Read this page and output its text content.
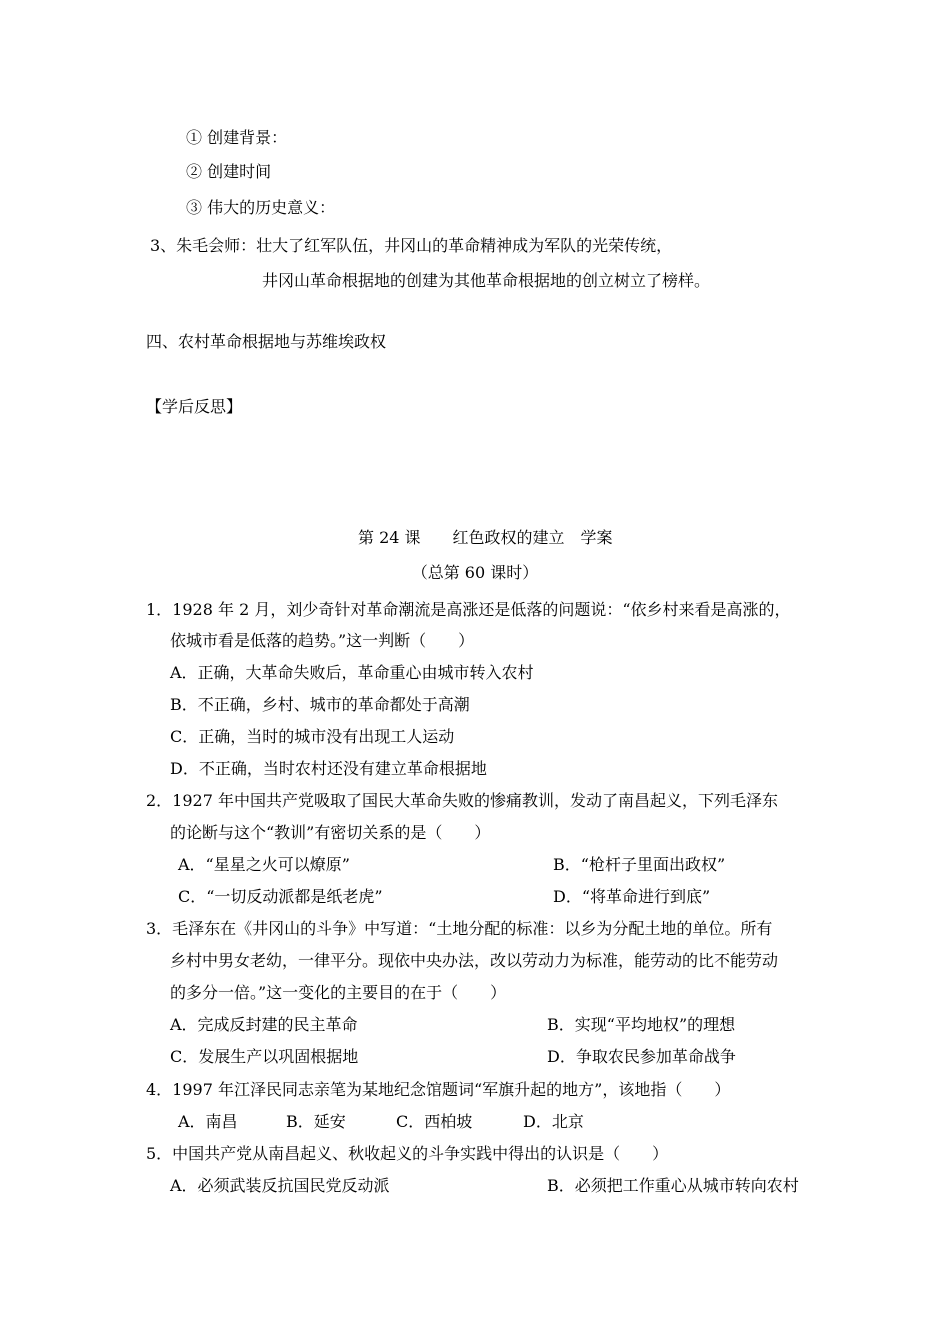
① 创建背景：
② 创建时间
③ 伟大的历史意义：
3、朱毛会师：壮大了红军队伍，井冈山的革命精神成为军队的光荣传统，
井冈山革命根据地的创建为其他革命根据地的创立树立了榜样。
四、农村革命根据地与苏维埃政权
【学后反思】
第 24 课　　红色政权的建立　学案
（总第 60 课时）
1．1928 年 2 月，刘少奇针对革命潮流是高涨还是低落的问题说：“依乡村来看是高涨的，
依城市看是低落的趋势。”这一判断（　　）
A．正确，大革命失败后，革命重心由城市转入农村
B．不正确，乡村、城市的革命都处于高潮
C．正确，当时的城市没有出现工人运动
D．不正确，当时农村还没有建立革命根据地
2．1927 年中国共产党吸取了国民大革命失败的惨痛教训，发动了南昌起义，下列毛泽东
的论断与这个“教训”有密切关系的是（　　）
A．“星星之火可以燎原”	B．“枪杆子里面出政权”
C．“一切反动派都是纸老虎”	D．“将革命进行到底”
3．毛泽东在《井冈山的斗争》中写道：“土地分配的标准：以乡为分配土地的单位。所有
乡村中男女老幼，一律平分。现依中央办法，改以劳动力为标准，能劳动的比不能劳动
的多分一倍。”这一变化的主要目的在于（　　）
A．完成反封建的民主革命	B．实现“平均地权”的理想
C．发展生产以巩固根据地	D．争取农民参加革命战争
4．1997 年江泽民同志亲笔为某地纪念馆题词“军旗升起的地方”，该地指（　　）
A．南昌	B．延安	C．西柏坡	D．北京
5．中国共产党从南昌起义、秋收起义的斗争实践中得出的认识是（　　）
A．必须武装反抗国民党反动派	B．必须把工作重心从城市转向农村
